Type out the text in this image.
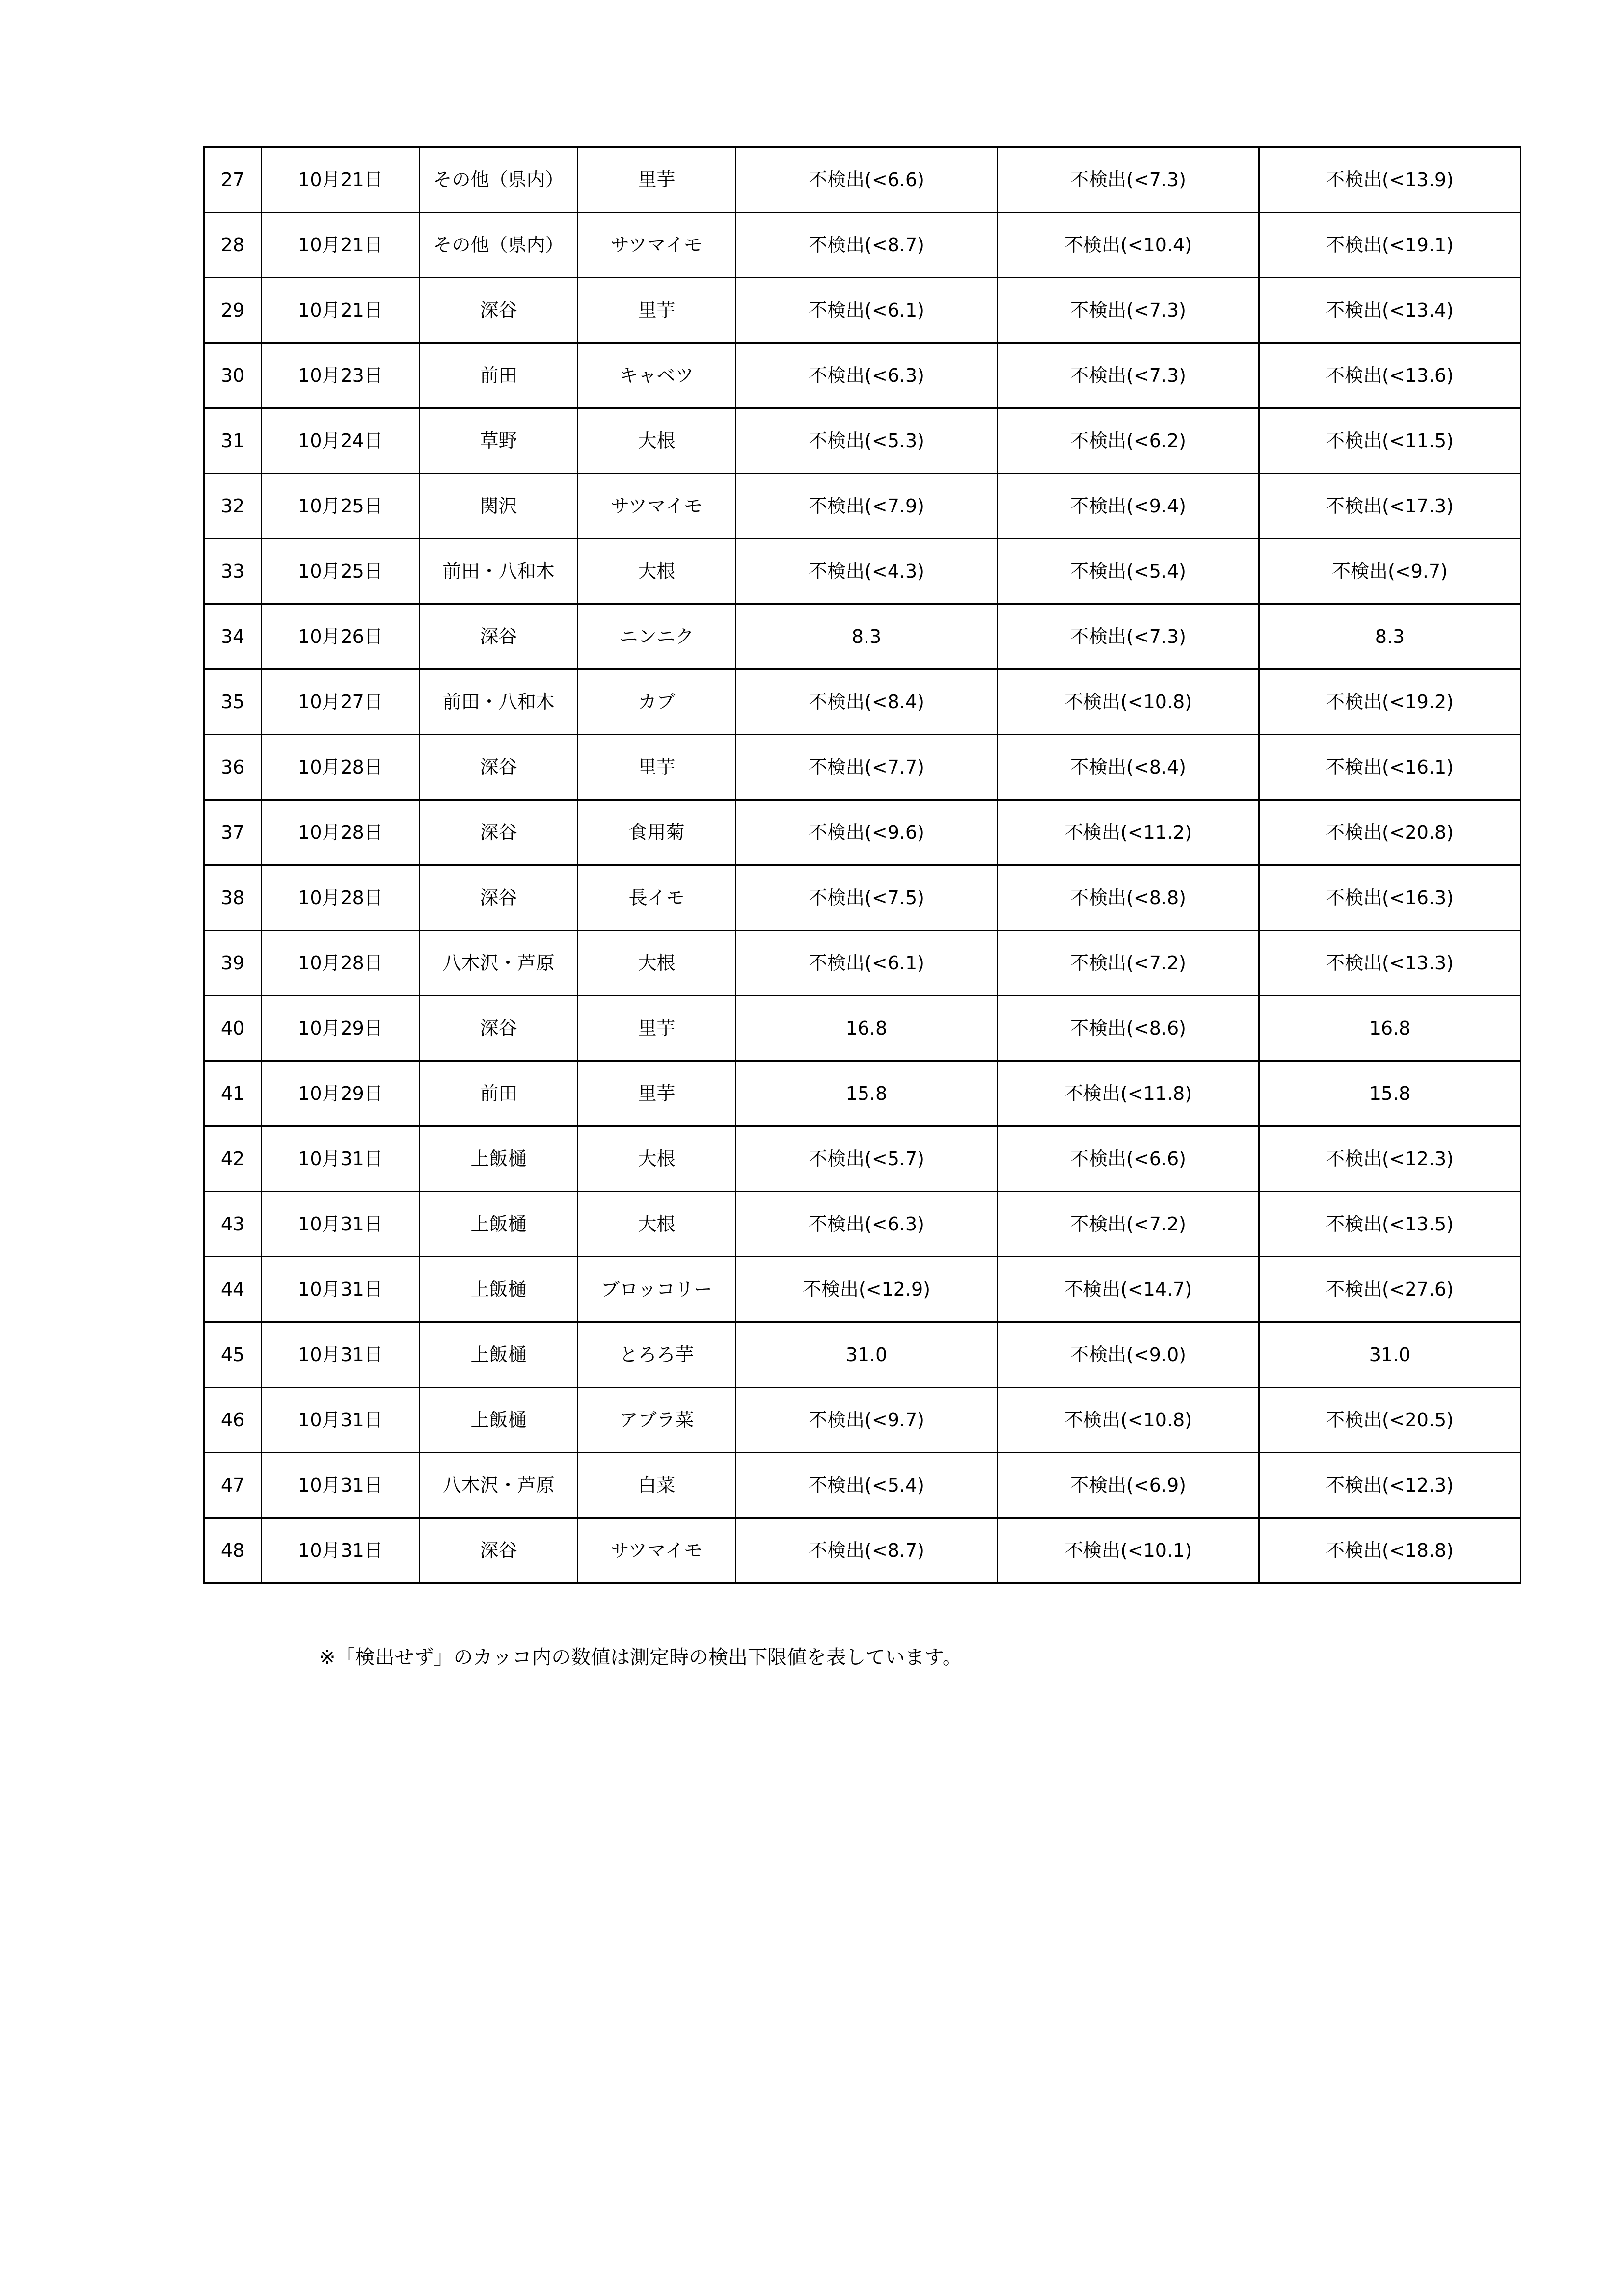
27	10月21日	その他（県内）	里芋	不検出(<6.6)	不検出(<7.3)	不検出(<13.9)
28	10月21日	その他（県内）	サツマイモ	不検出(<8.7)	不検出(<10.4)	不検出(<19.1)
29	10月21日	深谷	里芋	不検出(<6.1)	不検出(<7.3)	不検出(<13.4)
30	10月23日	前田	キャベツ	不検出(<6.3)	不検出(<7.3)	不検出(<13.6)
31	10月24日	草野	大根	不検出(<5.3)	不検出(<6.2)	不検出(<11.5)
32	10月25日	関沢	サツマイモ	不検出(<7.9)	不検出(<9.4)	不検出(<17.3)
33	10月25日	前田・八和木	大根	不検出(<4.3)	不検出(<5.4)	不検出(<9.7)
34	10月26日	深谷	ニンニク	8.3	不検出(<7.3)	8.3
35	10月27日	前田・八和木	カブ	不検出(<8.4)	不検出(<10.8)	不検出(<19.2)
36	10月28日	深谷	里芋	不検出(<7.7)	不検出(<8.4)	不検出(<16.1)
37	10月28日	深谷	食用菊	不検出(<9.6)	不検出(<11.2)	不検出(<20.8)
38	10月28日	深谷	長イモ	不検出(<7.5)	不検出(<8.8)	不検出(<16.3)
39	10月28日	八木沢・芦原	大根	不検出(<6.1)	不検出(<7.2)	不検出(<13.3)
40	10月29日	深谷	里芋	16.8	不検出(<8.6)	16.8
41	10月29日	前田	里芋	15.8	不検出(<11.8)	15.8
42	10月31日	上飯樋	大根	不検出(<5.7)	不検出(<6.6)	不検出(<12.3)
43	10月31日	上飯樋	大根	不検出(<6.3)	不検出(<7.2)	不検出(<13.5)
44	10月31日	上飯樋	ブロッコリー	不検出(<12.9)	不検出(<14.7)	不検出(<27.6)
45	10月31日	上飯樋	とろろ芋	31.0	不検出(<9.0)	31.0
46	10月31日	上飯樋	アブラ菜	不検出(<9.7)	不検出(<10.8)	不検出(<20.5)
47	10月31日	八木沢・芦原	白菜	不検出(<5.4)	不検出(<6.9)	不検出(<12.3)
48	10月31日	深谷	サツマイモ	不検出(<8.7)	不検出(<10.1)	不検出(<18.8)
※「検出せず」のカッコ内の数値は測定時の検出下限値を表しています。
